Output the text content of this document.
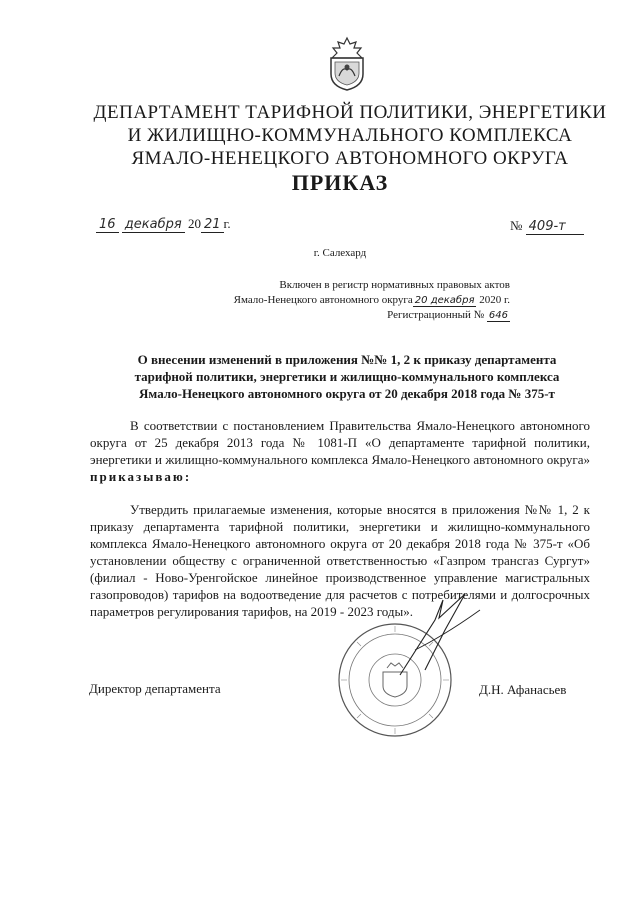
ДЕПАРТАМЕНТ ТАРИФНОЙ ПОЛИТИКИ, ЭНЕРГЕТИКИ
И ЖИЛИЩНО-КОММУНАЛЬНОГО КОМПЛЕКСА
ЯМАЛО-НЕНЕЦКОГО АВТОНОМНОГО ОКРУГА
ПРИКАЗ
16 декабря 20 21 г.	№ 409-т
г. Салехард
Включен в регистр нормативных правовых актов
Ямало-Ненецкого автономного округа 20 декабря 2020 г.
Регистрационный № 646
О внесении изменений в приложения №№ 1, 2 к приказу департамента
тарифной политики, энергетики и жилищно-коммунального комплекса
Ямало-Ненецкого автономного округа от 20 декабря 2018 года № 375-т
В соответствии с постановлением Правительства Ямало-Ненецкого автономного округа от 25 декабря 2013 года № 1081-П «О департаменте тарифной политики, энергетики и жилищно-коммунального комплекса Ямало-Ненецкого автономного округа» приказываю:
Утвердить прилагаемые изменения, которые вносятся в приложения №№ 1, 2 к приказу департамента тарифной политики, энергетики и жилищно-коммунального комплекса Ямало-Ненецкого автономного округа от 20 декабря 2018 года № 375-т «Об установлении обществу с ограниченной ответственностью «Газпром трансгаз Сургут» (филиал - Ново-Уренгойское линейное производственное управление магистральных газопроводов) тарифов на водоотведение для расчетов с потребителями и долгосрочных параметров регулирования тарифов, на 2019 - 2023 годы».
Директор департамента	Д.Н. Афанасьев
